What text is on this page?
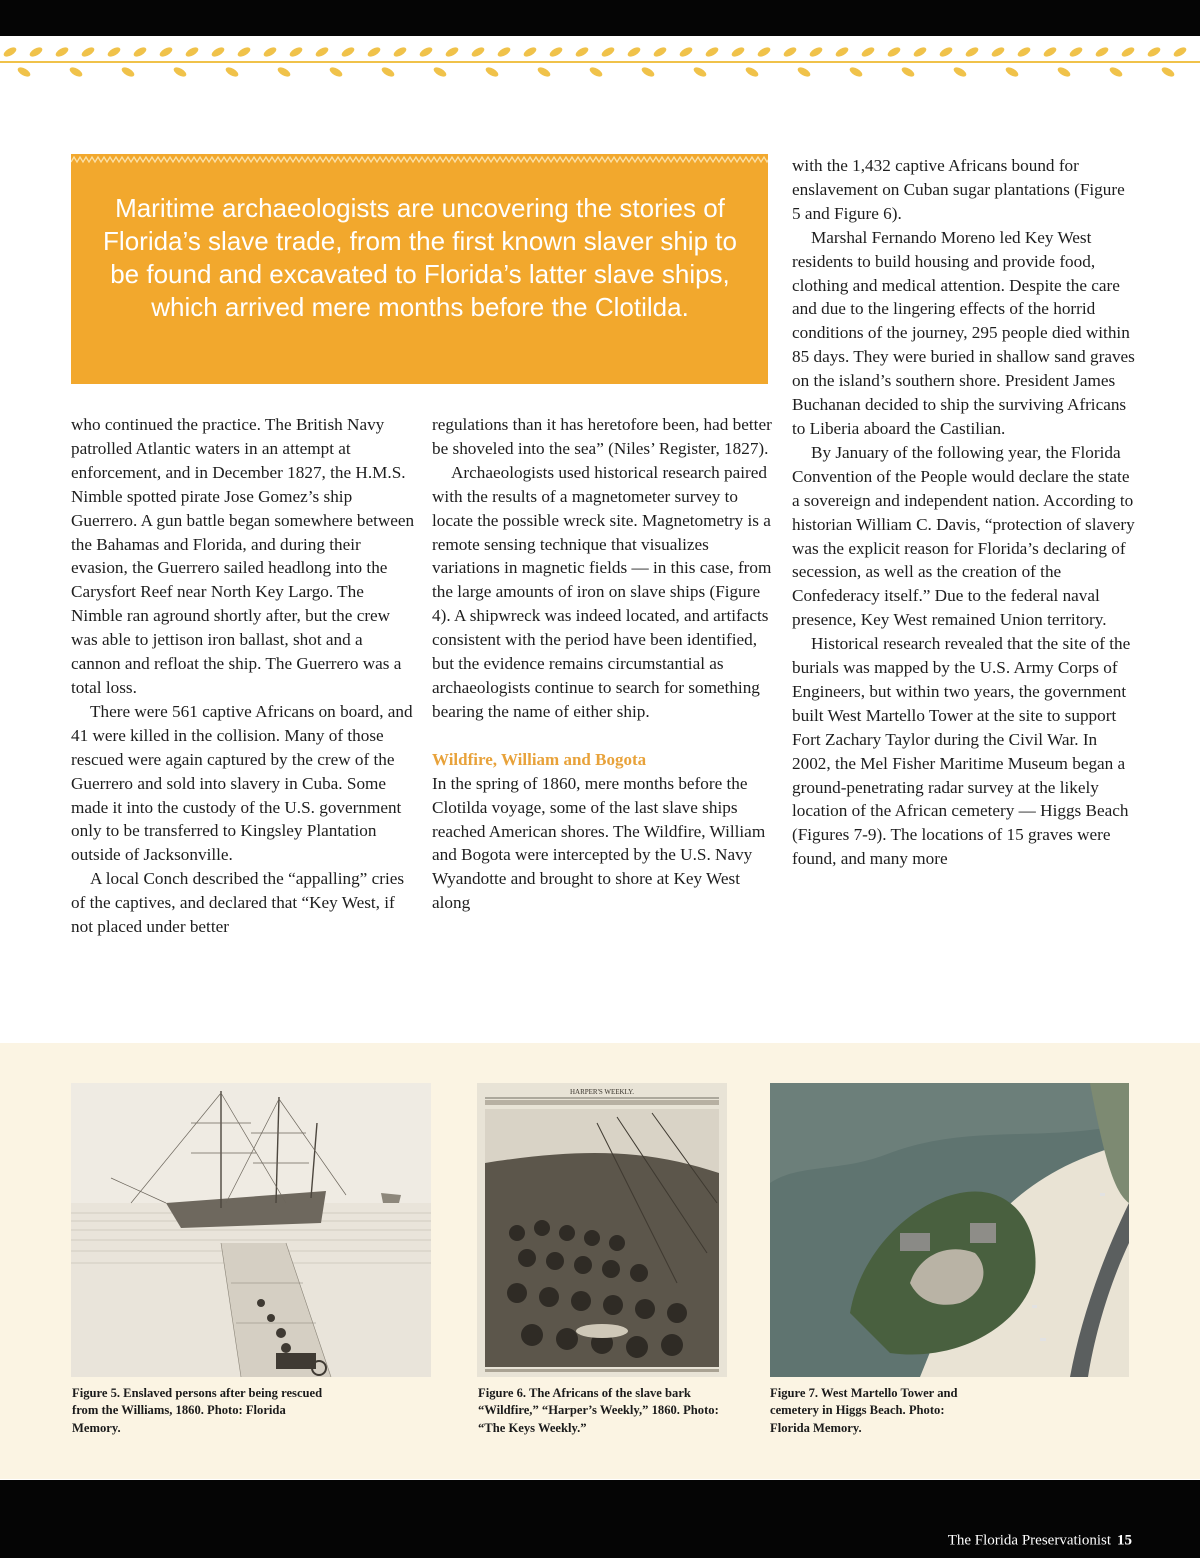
Maritime archaeologists are uncovering the stories of Florida’s slave trade, from the first known slaver ship to be found and excavated to Florida’s latter slave ships, which arrived mere months before the Clotilda.

who continued the practice. The British Navy patrolled Atlantic waters in an attempt at enforcement, and in December 1827, the H.M.S. Nimble spotted pirate Jose Gomez’s ship Guerrero. A gun battle began somewhere between the Bahamas and Florida, and during their evasion, the Guerrero sailed headlong into the Carysfort Reef near North Key Largo. The Nimble ran aground shortly after, but the crew was able to jettison iron ballast, shot and a cannon and refloat the ship. The Guerrero was a total loss.

There were 561 captive Africans on board, and 41 were killed in the collision. Many of those rescued were again captured by the crew of the Guerrero and sold into slavery in Cuba. Some made it into the custody of the U.S. government only to be transferred to Kingsley Plantation outside of Jacksonville.

A local Conch described the “appalling” cries of the captives, and declared that “Key West, if not placed under better

regulations than it has heretofore been, had better be shoveled into the sea” (Niles’ Register, 1827).

Archaeologists used historical research paired with the results of a magnetometer survey to locate the possible wreck site. Magnetometry is a remote sensing technique that visualizes variations in magnetic fields — in this case, from the large amounts of iron on slave ships (Figure 4). A shipwreck was indeed located, and artifacts consistent with the period have been identified, but the evidence remains circumstantial as archaeologists continue to search for something bearing the name of either ship.

Wildfire, William and Bogota

In the spring of 1860, mere months before the Clotilda voyage, some of the last slave ships reached American shores. The Wildfire, William and Bogota were intercepted by the U.S. Navy Wyandotte and brought to shore at Key West along

with the 1,432 captive Africans bound for enslavement on Cuban sugar plantations (Figure 5 and Figure 6).

Marshal Fernando Moreno led Key West residents to build housing and provide food, clothing and medical attention. Despite the care and due to the lingering effects of the horrid conditions of the journey, 295 people died within 85 days. They were buried in shallow sand graves on the island’s southern shore. President James Buchanan decided to ship the surviving Africans to Liberia aboard the Castilian.

By January of the following year, the Florida Convention of the People would declare the state a sovereign and independent nation. According to historian William C. Davis, “protection of slavery was the explicit reason for Florida’s declaring of secession, as well as the creation of the Confederacy itself.” Due to the federal naval presence, Key West remained Union territory.

Historical research revealed that the site of the burials was mapped by the U.S. Army Corps of Engineers, but within two years, the government built West Martello Tower at the site to support Fort Zachary Taylor during the Civil War. In 2002, the Mel Fisher Maritime Museum began a ground-penetrating radar survey at the likely location of the African cemetery — Higgs Beach (Figures 7-9). The locations of 15 graves were found, and many more

HARPER'S WEEKLY.

Figure 5. Enslaved persons after being rescued from the Williams, 1860. Photo: Florida Memory.

Figure 6. The Africans of the slave bark “Wildfire,” “Harper’s Weekly,” 1860. Photo: “The Keys Weekly.”

Figure 7. West Martello Tower and cemetery in Higgs Beach. Photo: Florida Memory.

The Florida Preservationist 15
